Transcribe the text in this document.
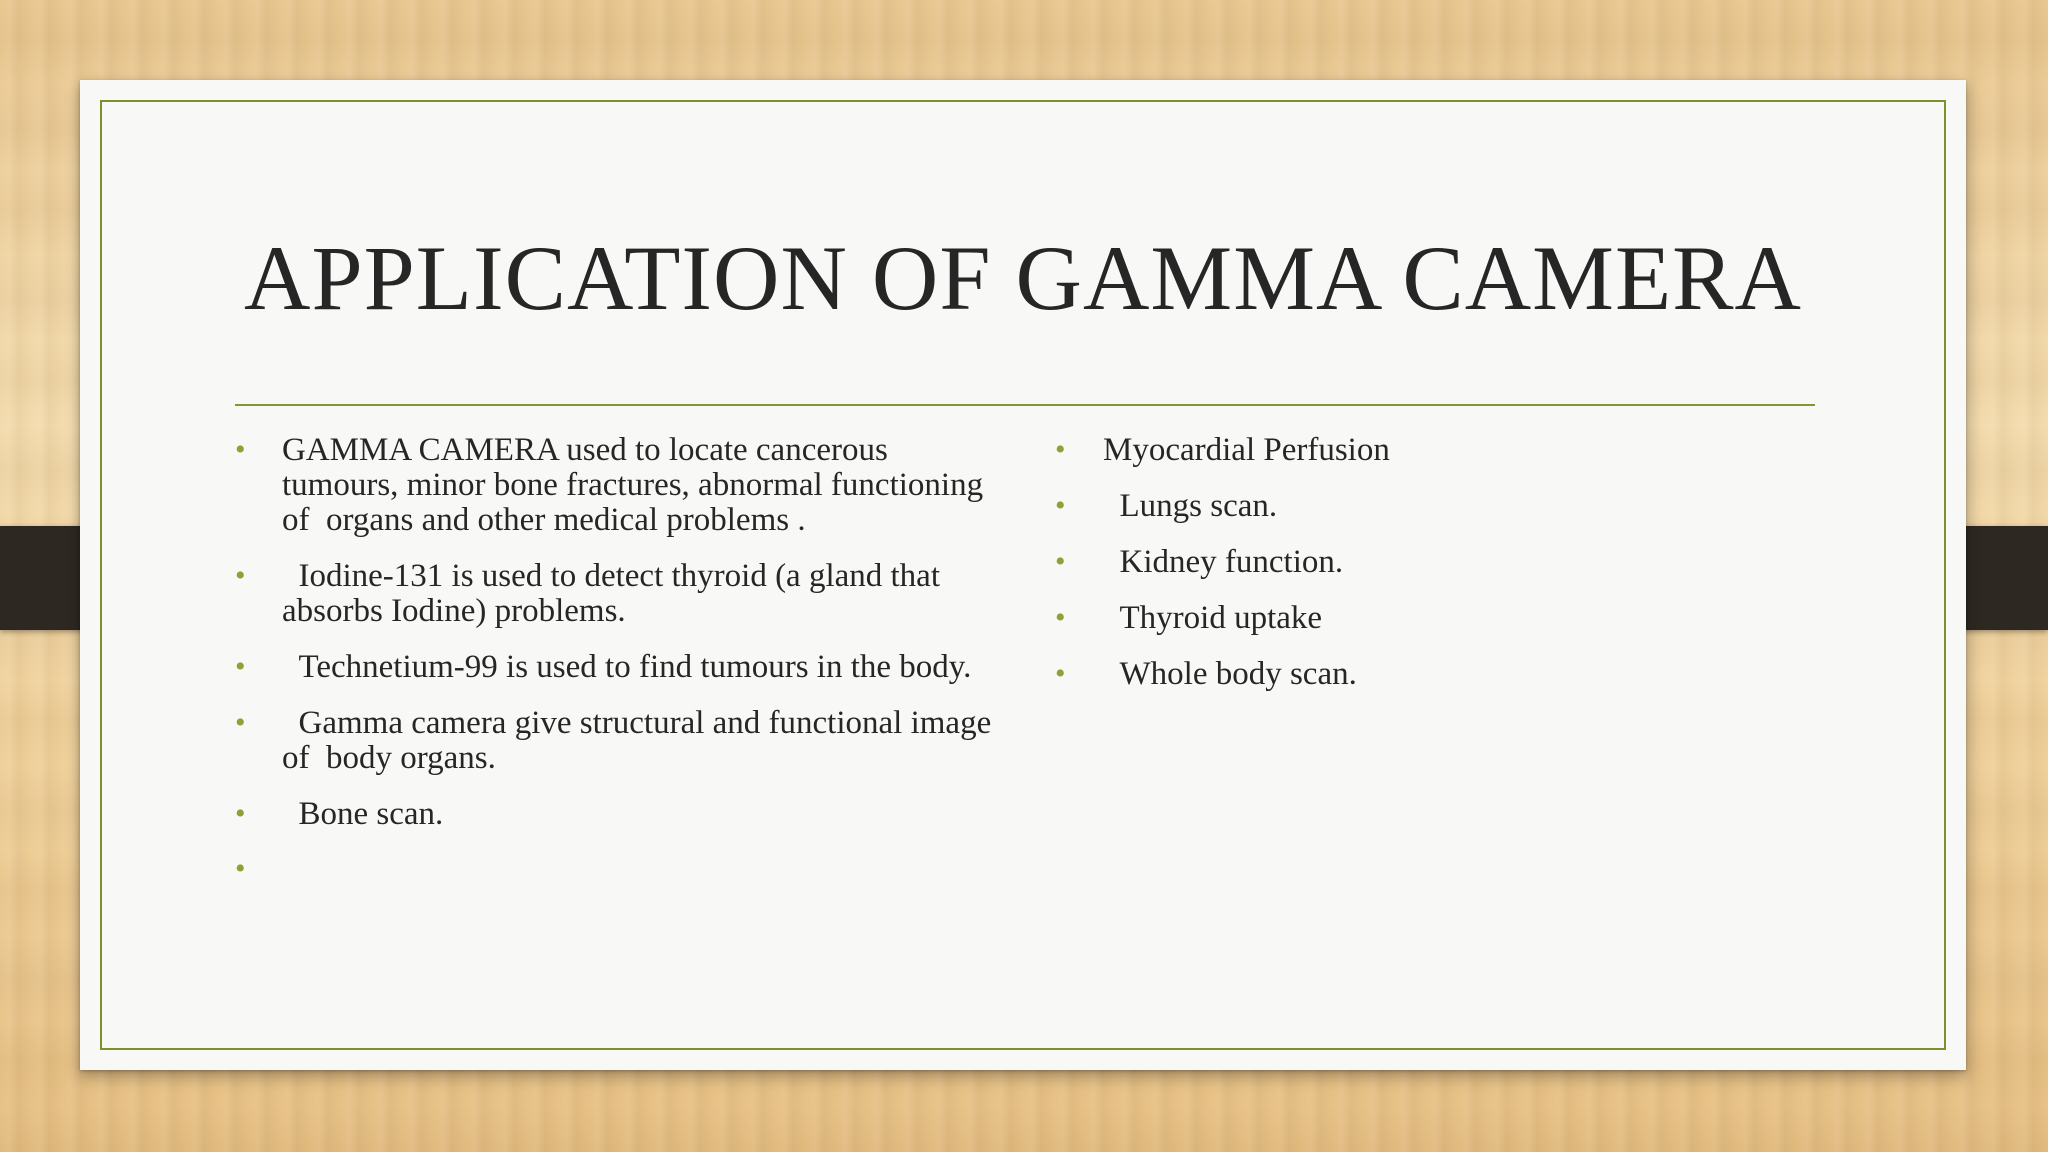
APPLICATION OF GAMMA CAMERA
• GAMMA CAMERA used to locate cancerous tumours, minor bone fractures, abnormal functioning of  organs and other medical problems .
• Iodine-131 is used to detect thyroid (a gland that absorbs Iodine) problems.
• Technetium-99 is used to find tumours in the body.
• Gamma camera give structural and functional image of  body organs.
• Bone scan.
•
• Myocardial Perfusion
• Lungs scan.
• Kidney function.
• Thyroid uptake
• Whole body scan.
